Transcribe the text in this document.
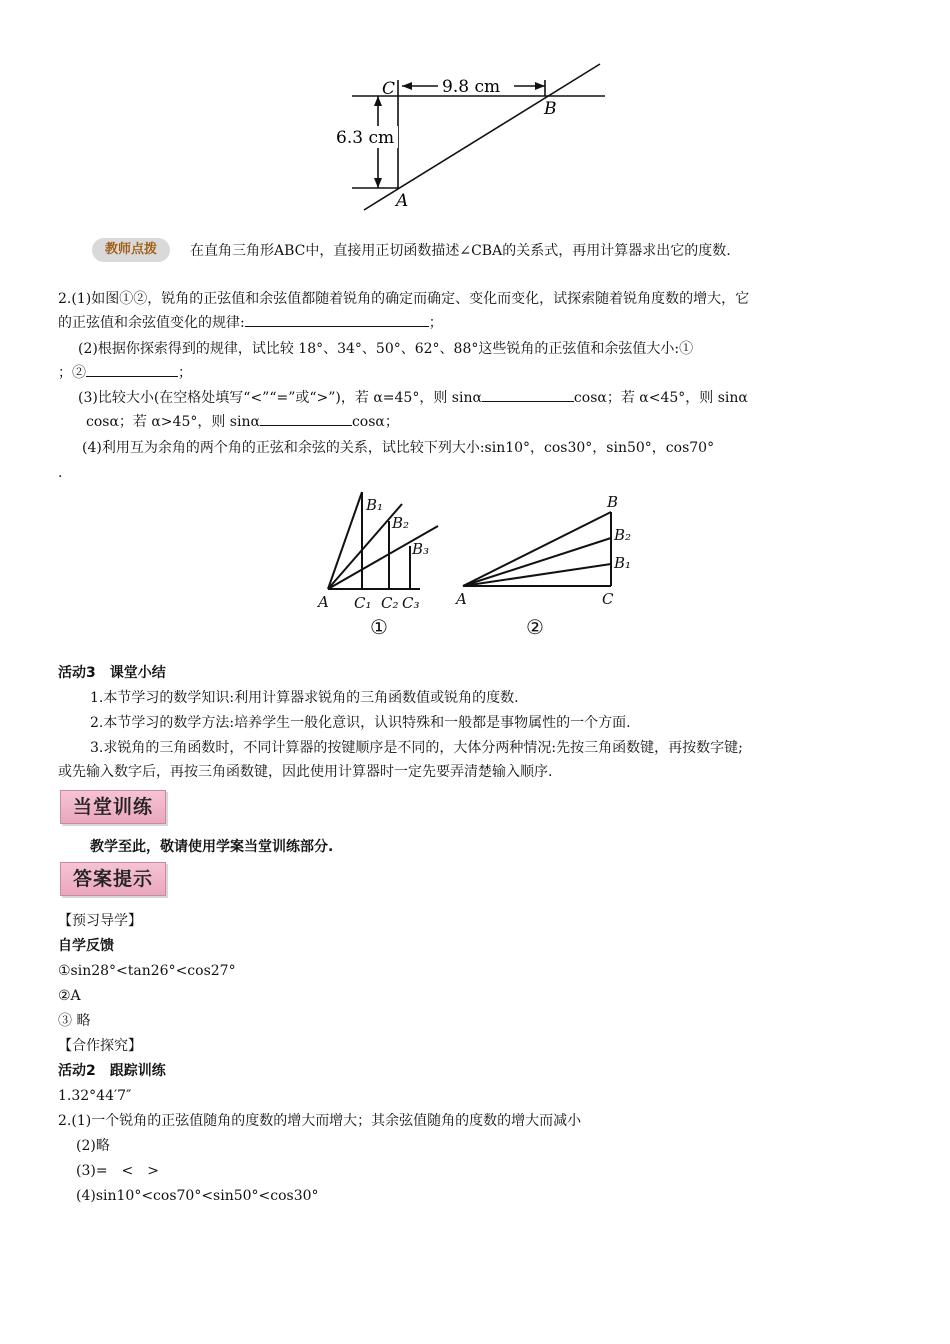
C
B
A
9.8 cm
6.3 cm
教师点拨	在直角三角形ABC中，直接用正切函数描述∠CBA的关系式，再用计算器求出它的度数.
2.(1)如图①②，锐角的正弦值和余弦值都随着锐角的确定而确定、变化而变化，试探索随着锐角度数的增大，它
的正弦值和余弦值变化的规律:	；
(2)根据你探索得到的规律，试比较 18°、34°、50°、62°、88°这些锐角的正弦值和余弦值大小:①
；②	；
(3)比较大小(在空格处填写“<”“=”或“>”)，若 α=45°，则 sinα	cosα；若 α<45°，则 sinα
cosα；若 α>45°，则 sinα	cosα；
(4)利用互为余角的两个角的正弦和余弦的关系，试比较下列大小:sin10°，cos30°，sin50°，cos70°
.
B₁
B₂
B₃
A C₁ C₂ C₃
B
B₂
B₁
A	C
①	②
活动3　课堂小结
1.本节学习的数学知识:利用计算器求锐角的三角函数值或锐角的度数.
2.本节学习的数学方法:培养学生一般化意识，认识特殊和一般都是事物属性的一个方面.
3.求锐角的三角函数时，不同计算器的按键顺序是不同的，大体分两种情况:先按三角函数键，再按数字键;
或先输入数字后，再按三角函数键，因此使用计算器时一定先要弄清楚输入顺序.
当堂训练
教学至此，敬请使用学案当堂训练部分.
答案提示
【预习导学】
自学反馈
①sin28°<tan26°<cos27°
②A
③ 略
【合作探究】
活动2　跟踪训练
1.32°44′7″
2.(1)一个锐角的正弦值随角的度数的增大而增大；其余弦值随角的度数的增大而减小
(2)略
(3)=　<　>
(4)sin10°<cos70°<sin50°<cos30°
